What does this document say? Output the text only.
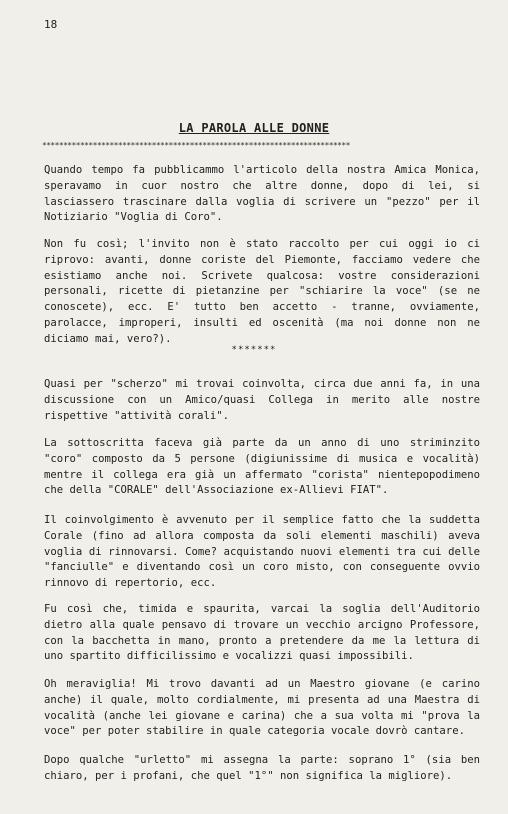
18
LA PAROLA ALLE DONNE
*************************************************************************

Quando tempo fa pubblicammo l'articolo della nostra Amica Monica, speravamo in cuor nostro che altre donne, dopo di lei, si lasciassero trascinare dalla voglia di scrivere un "pezzo" per il Notiziario "Voglia di Coro".

Non fu così; l'invito non è stato raccolto per cui oggi io ci riprovo: avanti, donne coriste del Piemonte, facciamo vedere che esistiamo anche noi. Scrivete qualcosa: vostre considerazioni personali, ricette di pietanzine per "schiarire la voce" (se ne conoscete), ecc. E' tutto ben accetto - tranne, ovviamente, parolacce, improperi, insulti ed oscenità (ma noi donne non ne diciamo mai, vero?).

*******

Quasi per "scherzo" mi trovai coinvolta, circa due anni fa, in una discussione con un Amico/quasi Collega in merito alle nostre rispettive "attività corali".

La sottoscritta faceva già parte da un anno di uno striminzito "coro" composto da 5 persone (digiunissime di musica e vocalità) mentre il collega era già un affermato "corista" nientepopodimeno che della "CORALE" dell'Associazione ex-Allievi FIAT".

Il coinvolgimento è avvenuto per il semplice fatto che la suddetta Corale (fino ad allora composta da soli elementi maschili) aveva voglia di rinnovarsi. Come? acquistando nuovi elementi tra cui delle "fanciulle" e diventando così un coro misto, con conseguente ovvio rinnovo di repertorio, ecc.

Fu così che, timida e spaurita, varcai la soglia dell'Auditorio dietro alla quale pensavo di trovare un vecchio arcigno Professore, con la bacchetta in mano, pronto a pretendere da me la lettura di uno spartito difficilissimo e vocalizzi quasi impossibili.

Oh meraviglia! Mi trovo davanti ad un Maestro giovane (e carino anche) il quale, molto cordialmente, mi presenta ad una Maestra di vocalità (anche lei giovane e carina) che a sua volta mi "prova la voce" per poter stabilire in quale categoria vocale dovrò cantare.

Dopo qualche "urletto" mi assegna la parte: soprano 1° (sia ben chiaro, per i profani, che quel "1°" non significa la migliore).
